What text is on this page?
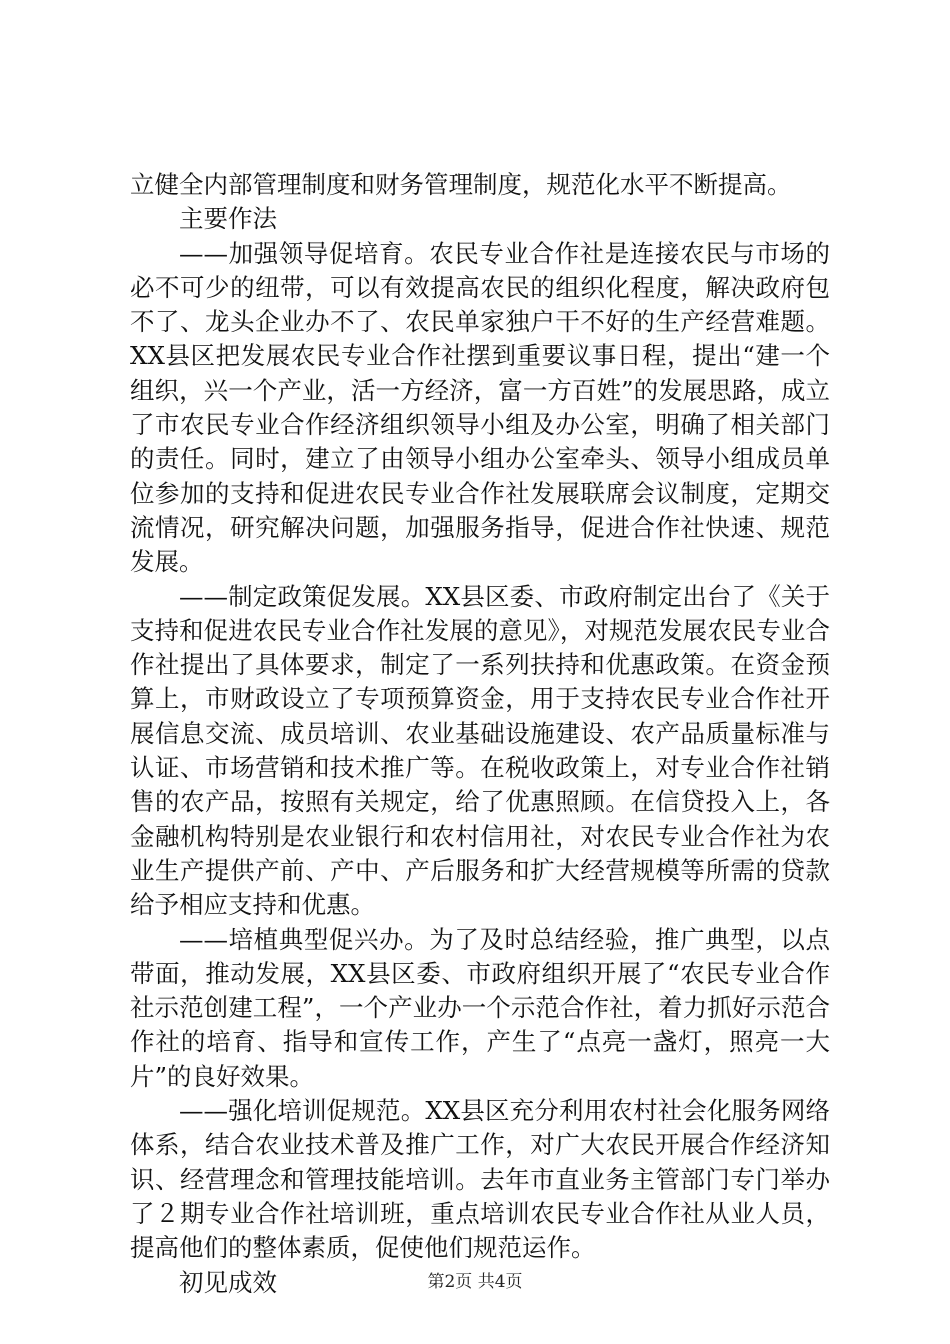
立健全内部管理制度和财务管理制度，规范化水平不断提高。

主要作法

——加强领导促培育。农民专业合作社是连接农民与市场的必不可少的纽带，可以有效提高农民的组织化程度，解决政府包不了、龙头企业办不了、农民单家独户干不好的生产经营难题。XX县区把发展农民专业合作社摆到重要议事日程，提出“建一个组织，兴一个产业，活一方经济，富一方百姓”的发展思路，成立了市农民专业合作经济组织领导小组及办公室，明确了相关部门的责任。同时，建立了由领导小组办公室牵头、领导小组成员单位参加的支持和促进农民专业合作社发展联席会议制度，定期交流情况，研究解决问题，加强服务指导，促进合作社快速、规范发展。

——制定政策促发展。XX县区委、市政府制定出台了《关于支持和促进农民专业合作社发展的意见》，对规范发展农民专业合作社提出了具体要求，制定了一系列扶持和优惠政策。在资金预算上，市财政设立了专项预算资金，用于支持农民专业合作社开展信息交流、成员培训、农业基础设施建设、农产品质量标准与认证、市场营销和技术推广等。在税收政策上，对专业合作社销售的农产品，按照有关规定，给了优惠照顾。在信贷投入上，各金融机构特别是农业银行和农村信用社，对农民专业合作社为农业生产提供产前、产中、产后服务和扩大经营规模等所需的贷款给予相应支持和优惠。

——培植典型促兴办。为了及时总结经验，推广典型，以点带面，推动发展，XX县区委、市政府组织开展了“农民专业合作社示范创建工程”，一个产业办一个示范合作社，着力抓好示范合作社的培育、指导和宣传工作，产生了“点亮一盏灯，照亮一大片”的良好效果。

——强化培训促规范。XX县区充分利用农村社会化服务网络体系，结合农业技术普及推广工作，对广大农民开展合作经济知识、经营理念和管理技能培训。去年市直业务主管部门专门举办了２期专业合作社培训班，重点培训农民专业合作社从业人员，提高他们的整体素质，促使他们规范运作。

初见成效	第2页 共4页
